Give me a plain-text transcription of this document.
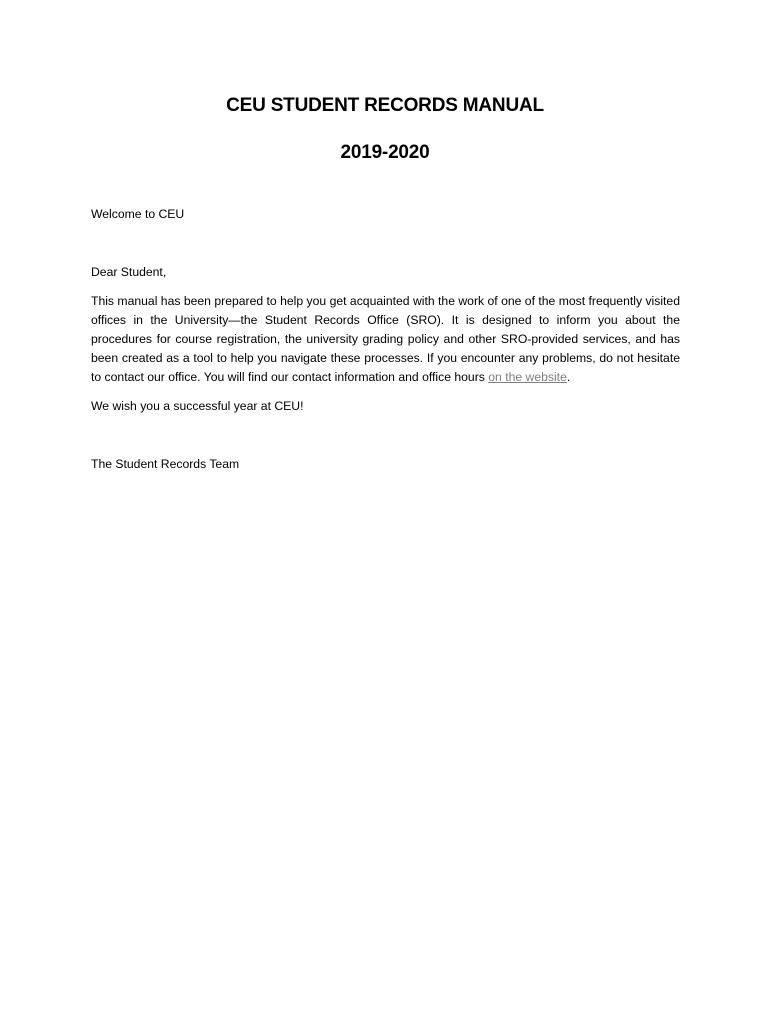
CEU STUDENT RECORDS MANUAL
2019-2020

Welcome to CEU

Dear Student,

This manual has been prepared to help you get acquainted with the work of one of the most frequently visited offices in the University—the Student Records Office (SRO). It is designed to inform you about the procedures for course registration, the university grading policy and other SRO-provided services, and has been created as a tool to help you navigate these processes. If you encounter any problems, do not hesitate to contact our office. You will find our contact information and office hours on the website.

We wish you a successful year at CEU!

The Student Records Team
